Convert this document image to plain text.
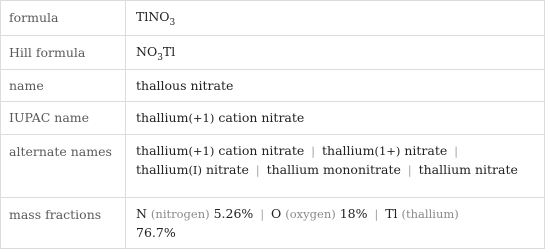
formula	TlNO$_3$
Hill formula	$NO_3Tl$
name	thallous nitrate
IUPAC name	thallium(+1) cation nitrate
alternate names	thallium(+1) cation nitrate | thallium(1+) nitrate |
thallium(I) nitrate | thallium mononitrate | thallium nitrate
mass fractions	N (nitrogen) 5.26% | O (oxygen) 18% | Tl (thallium)
76.7%
